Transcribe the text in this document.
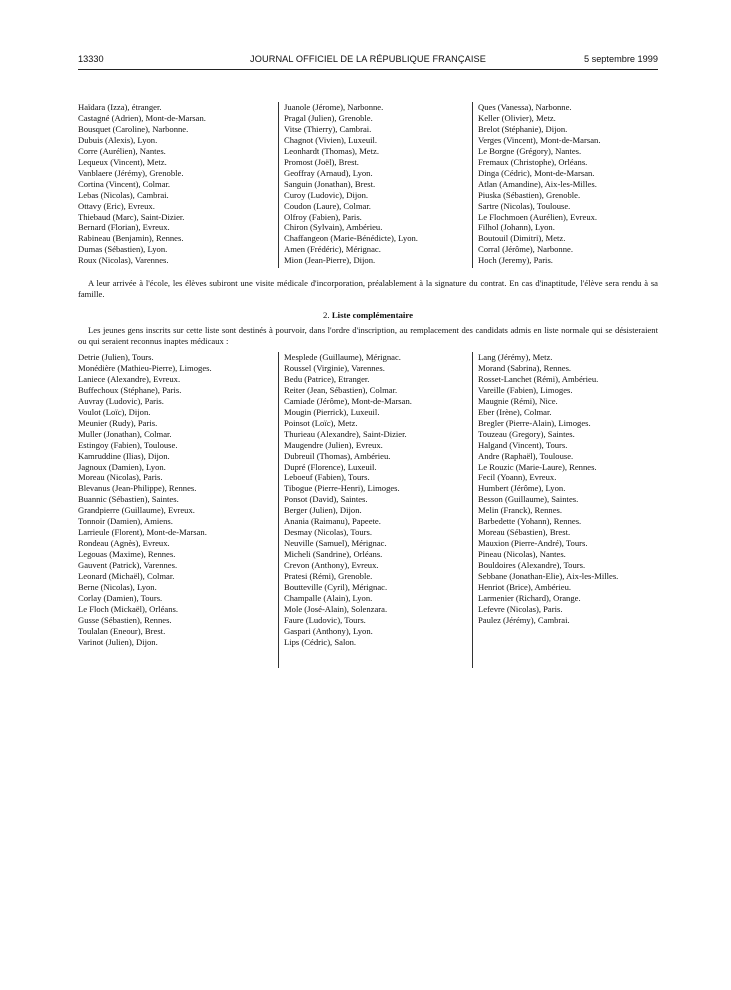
13330	JOURNAL OFFICIEL DE LA RÉPUBLIQUE FRANÇAISE	5 septembre 1999
Haïdara (Izza), étranger.
Castagné (Adrien), Mont-de-Marsan.
Bousquet (Caroline), Narbonne.
Dubuis (Alexis), Lyon.
Corre (Aurélien), Nantes.
Lequeux (Vincent), Metz.
Vanblaere (Jérémy), Grenoble.
Cortina (Vincent), Colmar.
Lebas (Nicolas), Cambrai.
Ottavy (Eric), Evreux.
Thiebaud (Marc), Saint-Dizier.
Bernard (Florian), Evreux.
Rabineau (Benjamin), Rennes.
Dumas (Sébastien), Lyon.
Roux (Nicolas), Varennes.
Juanole (Jérome), Narbonne.
Pragal (Julien), Grenoble.
Vitse (Thierry), Cambrai.
Chagnot (Vivien), Luxeuil.
Leonhardt (Thomas), Metz.
Promost (Joël), Brest.
Geoffray (Arnaud), Lyon.
Sanguin (Jonathan), Brest.
Curoy (Ludovic), Dijon.
Coudon (Laure), Colmar.
Olfroy (Fabien), Paris.
Chiron (Sylvain), Ambérieu.
Chaffangeon (Marie-Bénédicte), Lyon.
Amen (Frédéric), Mérignac.
Mion (Jean-Pierre), Dijon.
Ques (Vanessa), Narbonne.
Keller (Olivier), Metz.
Brelot (Stéphanie), Dijon.
Verges (Vincent), Mont-de-Marsan.
Le Borgne (Grégory), Nantes.
Fremaux (Christophe), Orléans.
Dinga (Cédric), Mont-de-Marsan.
Atlan (Amandine), Aix-les-Milles.
Piuska (Sébastien), Grenoble.
Sartre (Nicolas), Toulouse.
Le Flochmoen (Aurélien), Evreux.
Filhol (Johann), Lyon.
Boutouil (Dimitri), Metz.
Corral (Jérôme), Narbonne.
Hoch (Jeremy), Paris.
A leur arrivée à l'école, les élèves subiront une visite médicale d'incorporation, préalablement à la signature du contrat. En cas d'inaptitude, l'élève sera rendu à sa famille.
2. Liste complémentaire
Les jeunes gens inscrits sur cette liste sont destinés à pourvoir, dans l'ordre d'inscription, au remplacement des candidats admis en liste normale qui se désisteraient ou qui seraient reconnus inaptes médicaux :
Detrie (Julien), Tours.
Monédière (Mathieu-Pierre), Limoges.
Laniece (Alexandre), Evreux.
Buffechoux (Stéphane), Paris.
Auvray (Ludovic), Paris.
Voulot (Loïc), Dijon.
Meunier (Rudy), Paris.
Muller (Jonathan), Colmar.
Estingoy (Fabien), Toulouse.
Kamruddine (Ilias), Dijon.
Jagnoux (Damien), Lyon.
Moreau (Nicolas), Paris.
Blevanus (Jean-Philippe), Rennes.
Buannic (Sébastien), Saintes.
Grandpierre (Guillaume), Evreux.
Tonnoir (Damien), Amiens.
Larrieule (Florent), Mont-de-Marsan.
Rondeau (Agnès), Evreux.
Legouas (Maxime), Rennes.
Gauvent (Patrick), Varennes.
Leonard (Michaël), Colmar.
Berne (Nicolas), Lyon.
Corlay (Damien), Tours.
Le Floch (Mickaël), Orléans.
Gusse (Sébastien), Rennes.
Toulalan (Eneour), Brest.
Varinot (Julien), Dijon.
Mesplede (Guillaume), Mérignac.
Roussel (Virginie), Varennes.
Bedu (Patrice), Etranger.
Reiter (Jean, Sébastien), Colmar.
Camiade (Jérôme), Mont-de-Marsan.
Mougin (Pierrick), Luxeuil.
Poinsot (Loïc), Metz.
Thurieau (Alexandre), Saint-Dizier.
Maugendre (Julien), Evreux.
Dubreuil (Thomas), Ambérieu.
Dupré (Florence), Luxeuil.
Leboeuf (Fabien), Tours.
Tibogue (Pierre-Henri), Limoges.
Ponsot (David), Saintes.
Berger (Julien), Dijon.
Anania (Raimanu), Papeete.
Desmay (Nicolas), Tours.
Neuville (Samuel), Mérignac.
Micheli (Sandrine), Orléans.
Crevon (Anthony), Evreux.
Pratesi (Rémi), Grenoble.
Boutteville (Cyril), Mérignac.
Champalle (Alain), Lyon.
Mole (José-Alain), Solenzara.
Faure (Ludovic), Tours.
Gaspari (Anthony), Lyon.
Lips (Cédric), Salon.
Lang (Jérémy), Metz.
Morand (Sabrina), Rennes.
Rosset-Lanchet (Rémi), Ambérieu.
Vareille (Fabien), Limoges.
Maugnie (Rémi), Nice.
Eber (Irène), Colmar.
Bregler (Pierre-Alain), Limoges.
Touzeau (Gregory), Saintes.
Halgand (Vincent), Tours.
Andre (Raphaël), Toulouse.
Le Rouzic (Marie-Laure), Rennes.
Fecil (Yoann), Evreux.
Humbert (Jérôme), Lyon.
Besson (Guillaume), Saintes.
Melin (Franck), Rennes.
Barbedette (Yohann), Rennes.
Moreau (Sébastien), Brest.
Mauxion (Pierre-André), Tours.
Pineau (Nicolas), Nantes.
Bouldoires (Alexandre), Tours.
Sebbane (Jonathan-Elie), Aix-les-Milles.
Henriot (Brice), Ambérieu.
Larmenier (Richard), Orange.
Lefevre (Nicolas), Paris.
Paulez (Jérémy), Cambrai.
